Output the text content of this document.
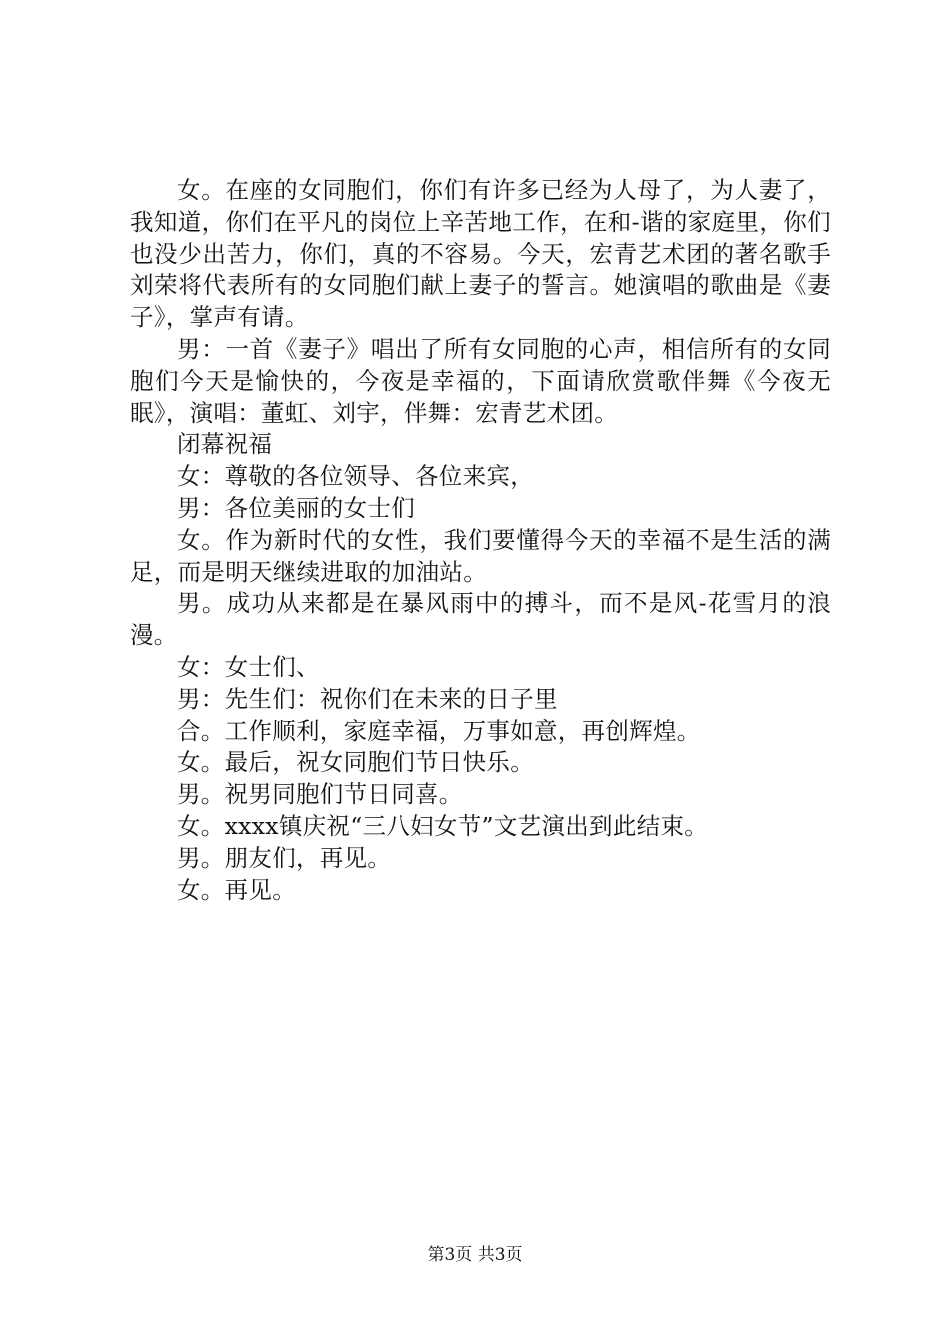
女。在座的女同胞们，你们有许多已经为人母了，为人妻了，我知道，你们在平凡的岗位上辛苦地工作，在和-谐的家庭里，你们也没少出苦力，你们，真的不容易。今天，宏青艺术团的著名歌手刘荣将代表所有的女同胞们献上妻子的誓言。她演唱的歌曲是《妻子》，掌声有请。

男：一首《妻子》唱出了所有女同胞的心声，相信所有的女同胞们今天是愉快的，今夜是幸福的，下面请欣赏歌伴舞《今夜无眠》，演唱：董虹、刘宇，伴舞：宏青艺术团。

闭幕祝福

女：尊敬的各位领导、各位来宾，

男：各位美丽的女士们

女。作为新时代的女性，我们要懂得今天的幸福不是生活的满足，而是明天继续进取的加油站。

男。成功从来都是在暴风雨中的搏斗，而不是风-花雪月的浪漫。

女：女士们、

男：先生们：祝你们在未来的日子里

合。工作顺利，家庭幸福，万事如意，再创辉煌。

女。最后，祝女同胞们节日快乐。

男。祝男同胞们节日同喜。

女。xxxx镇庆祝“三八妇女节”文艺演出到此结束。

男。朋友们，再见。

女。再见。

第3页 共3页
